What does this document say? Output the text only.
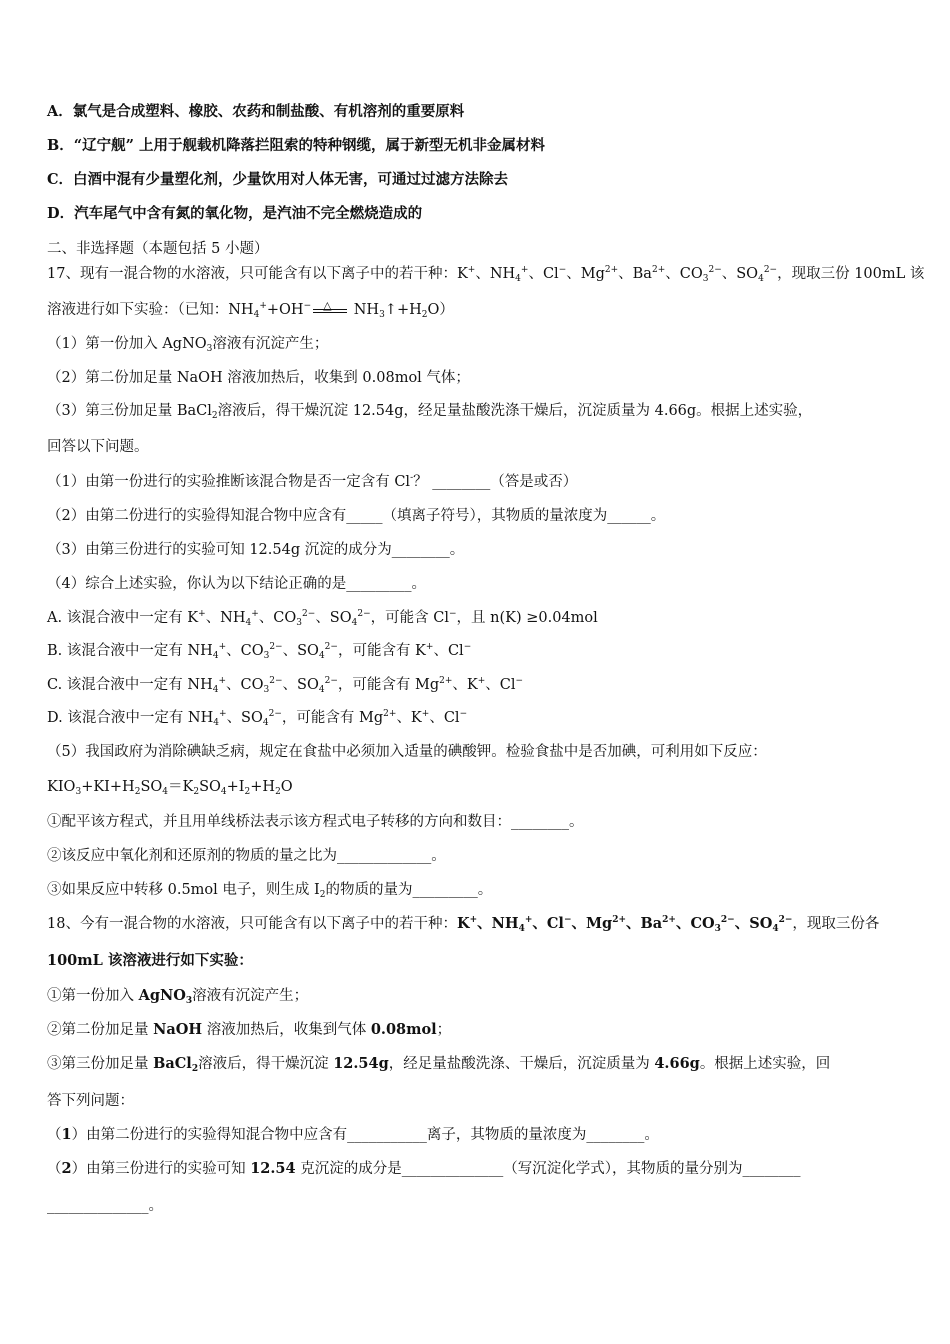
A．氯气是合成塑料、橡胶、农药和制盐酸、有机溶剂的重要原料
B．“辽宁舰” 上用于舰载机降落拦阻索的特种钢缆，属于新型无机非金属材料
C．白酒中混有少量塑化剂，少量饮用对人体无害，可通过过滤方法除去
D．汽车尾气中含有氮的氧化物，是汽油不完全燃烧造成的
二、非选择题（本题包括 5 小题）
17、现有一混合物的水溶液，只可能含有以下离子中的若干种：K+、$NH_4^+$、Cl−、$Mg^{2+}$、$Ba^{2+}$、$CO_3^{2-}$、$SO_4^{2-}$，现取三份 100mL 该
溶液进行如下实验：（已知：$NH_4^++OH^-$ △ $NH_3↑+H_2O$）
（1）第一份加入 AgNO$_3$溶液有沉淀产生；
（2）第二份加足量 NaOH 溶液加热后，收集到 0.08mol 气体；
（3）第三份加足量 BaCl$_2$溶液后，得干燥沉淀 12.54g，经足量盐酸洗涤干燥后，沉淀质量为 4.66g。根据上述实验，
回答以下问题。
（1）由第一份进行的实验推断该混合物是否一定含有 Cl-？ ________（答是或否）
（2）由第二份进行的实验得知混合物中应含有_____（填离子符号），其物质的量浓度为______。
（3）由第三份进行的实验可知 12.54g 沉淀的成分为________。
（4）综合上述实验，你认为以下结论正确的是_________。
A. 该混合液中一定有 K+、$NH_4^+$、$CO_3^{2-}$、$SO_4^{2-}$，可能含 Cl−，且 n(K) ≥0.04mol
B. 该混合液中一定有 $NH_4^+$、$CO_3^{2-}$、$SO_4^{2-}$，可能含有 K+、Cl−
C. 该混合液中一定有 $NH_4^+$、$CO_3^{2-}$、$SO_4^{2-}$，可能含有 $Mg^{2+}$、K+、Cl−
D. 该混合液中一定有 $NH_4^+$、$SO_4^{2-}$，可能含有 $Mg^{2+}$、K+、Cl−
（5）我国政府为消除碘缺乏病，规定在食盐中必须加入适量的碘酸钾。检验食盐中是否加碘，可利用如下反应：
$KIO_3+KI+H_2SO_4=K_2SO_4+I_2+H_2O$
①配平该方程式，并且用单线桥法表示该方程式电子转移的方向和数目：________。
②该反应中氧化剂和还原剂的物质的量之比为_____________。
③如果反应中转移 0.5mol 电子，则生成 $I_2$的物质的量为_________。
18、今有一混合物的水溶液，只可能含有以下离子中的若干种：K+、$NH_4^+$、Cl−、$Mg^{2+}$、$Ba^{2+}$、$CO_3^{2-}$、$SO_4^{2-}$，现取三份各
100mL 该溶液进行如下实验：
①第一份加入 AgNO$_3$溶液有沉淀产生；
②第二份加足量 NaOH 溶液加热后，收集到气体 0.08mol；
③第三份加足量 BaCl$_2$溶液后，得干燥沉淀 12.54g，经足量盐酸洗涤、干燥后，沉淀质量为 4.66g。根据上述实验，回
答下列问题：
（1）由第二份进行的实验得知混合物中应含有___________离子，其物质的量浓度为________。
（2）由第三份进行的实验可知 12.54 克沉淀的成分是______________（写沉淀化学式），其物质的量分别为________
______________。
